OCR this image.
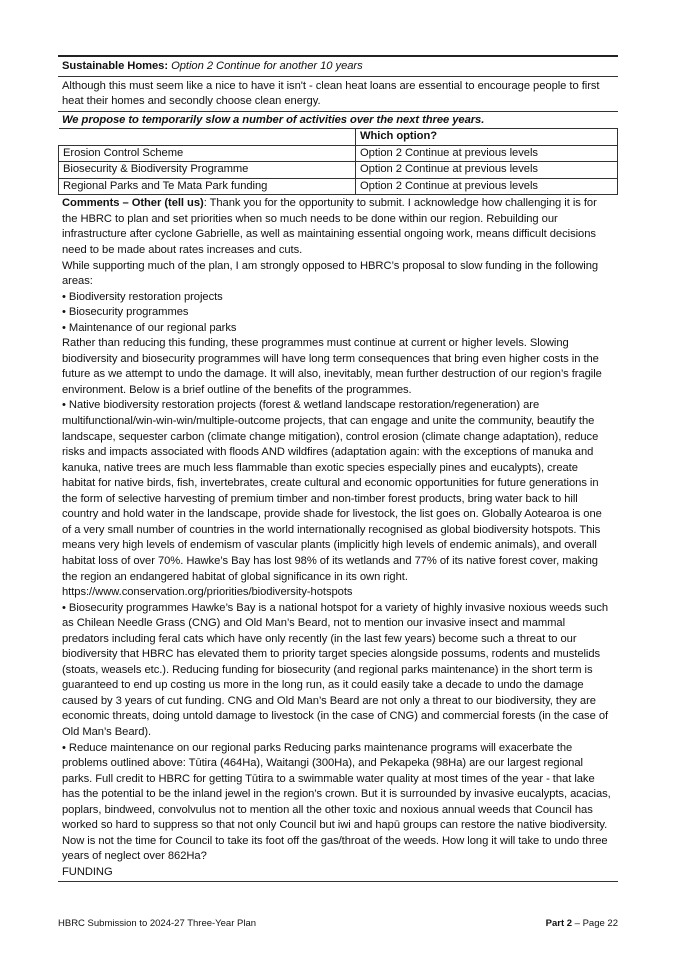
Sustainable Homes: Option 2 Continue for another 10 years
Although this must seem like a nice to have it isn't - clean heat loans are essential to encourage people to first heat their homes and secondly choose clean energy.
We propose to temporarily slow a number of activities over the next three years.
	Which option?
Erosion Control Scheme	Option 2 Continue at previous levels
Biosecurity & Biodiversity Programme	Option 2 Continue at previous levels
Regional Parks and Te Mata Park funding	Option 2 Continue at previous levels

Comments – Other (tell us): Thank you for the opportunity to submit. I acknowledge how challenging it is for the HBRC to plan and set priorities when so much needs to be done within our region. Rebuilding our infrastructure after cyclone Gabrielle, as well as maintaining essential ongoing work, means difficult decisions need to be made about rates increases and cuts.

While supporting much of the plan, I am strongly opposed to HBRC’s proposal to slow funding in the following areas:

• Biodiversity restoration projects

• Biosecurity programmes

• Maintenance of our regional parks

Rather than reducing this funding, these programmes must continue at current or higher levels. Slowing biodiversity and biosecurity programmes will have long term consequences that bring even higher costs in the future as we attempt to undo the damage. It will also, inevitably, mean further destruction of our region’s fragile environment. Below is a brief outline of the benefits of the programmes.

• Native biodiversity restoration projects (forest & wetland landscape restoration/regeneration) are multifunctional/win-win-win/multiple-outcome projects, that can engage and unite the community, beautify the landscape, sequester carbon (climate change mitigation), control erosion (climate change adaptation), reduce risks and impacts associated with floods AND wildfires (adaptation again: with the exceptions of manuka and kanuka, native trees are much less flammable than exotic species especially pines and eucalypts), create habitat for native birds, fish, invertebrates, create cultural and economic opportunities for future generations in the form of selective harvesting of premium timber and non-timber forest products, bring water back to hill country and hold water in the landscape, provide shade for livestock, the list goes on. Globally Aotearoa is one of a very small number of countries in the world internationally recognised as global biodiversity hotspots. This means very high levels of endemism of vascular plants (implicitly high levels of endemic animals), and overall habitat loss of over 70%. Hawke’s Bay has lost 98% of its wetlands and 77% of its native forest cover, making the region an endangered habitat of global significance in its own right. https://www.conservation.org/priorities/biodiversity-hotspots

• Biosecurity programmes Hawke’s Bay is a national hotspot for a variety of highly invasive noxious weeds such as Chilean Needle Grass (CNG) and Old Man’s Beard, not to mention our invasive insect and mammal predators including feral cats which have only recently (in the last few years) become such a threat to our biodiversity that HBRC has elevated them to priority target species alongside possums, rodents and mustelids (stoats, weasels etc.). Reducing funding for biosecurity (and regional parks maintenance) in the short term is guaranteed to end up costing us more in the long run, as it could easily take a decade to undo the damage caused by 3 years of cut funding. CNG and Old Man’s Beard are not only a threat to our biodiversity, they are economic threats, doing untold damage to livestock (in the case of CNG) and commercial forests (in the case of Old Man’s Beard).

• Reduce maintenance on our regional parks Reducing parks maintenance programs will exacerbate the problems outlined above: Tūtira (464Ha), Waitangi (300Ha), and Pekapeka (98Ha) are our largest regional parks. Full credit to HBRC for getting Tūtira to a swimmable water quality at most times of the year - that lake has the potential to be the inland jewel in the region’s crown. But it is surrounded by invasive eucalypts, acacias, poplars, bindweed, convolvulus not to mention all the other toxic and noxious annual weeds that Council has worked so hard to suppress so that not only Council but iwi and hapū groups can restore the native biodiversity. Now is not the time for Council to take its foot off the gas/throat of the weeds. How long it will take to undo three years of neglect over 862Ha?

FUNDING

HBRC Submission to 2024-27 Three-Year Plan	Part 2 – Page 22
